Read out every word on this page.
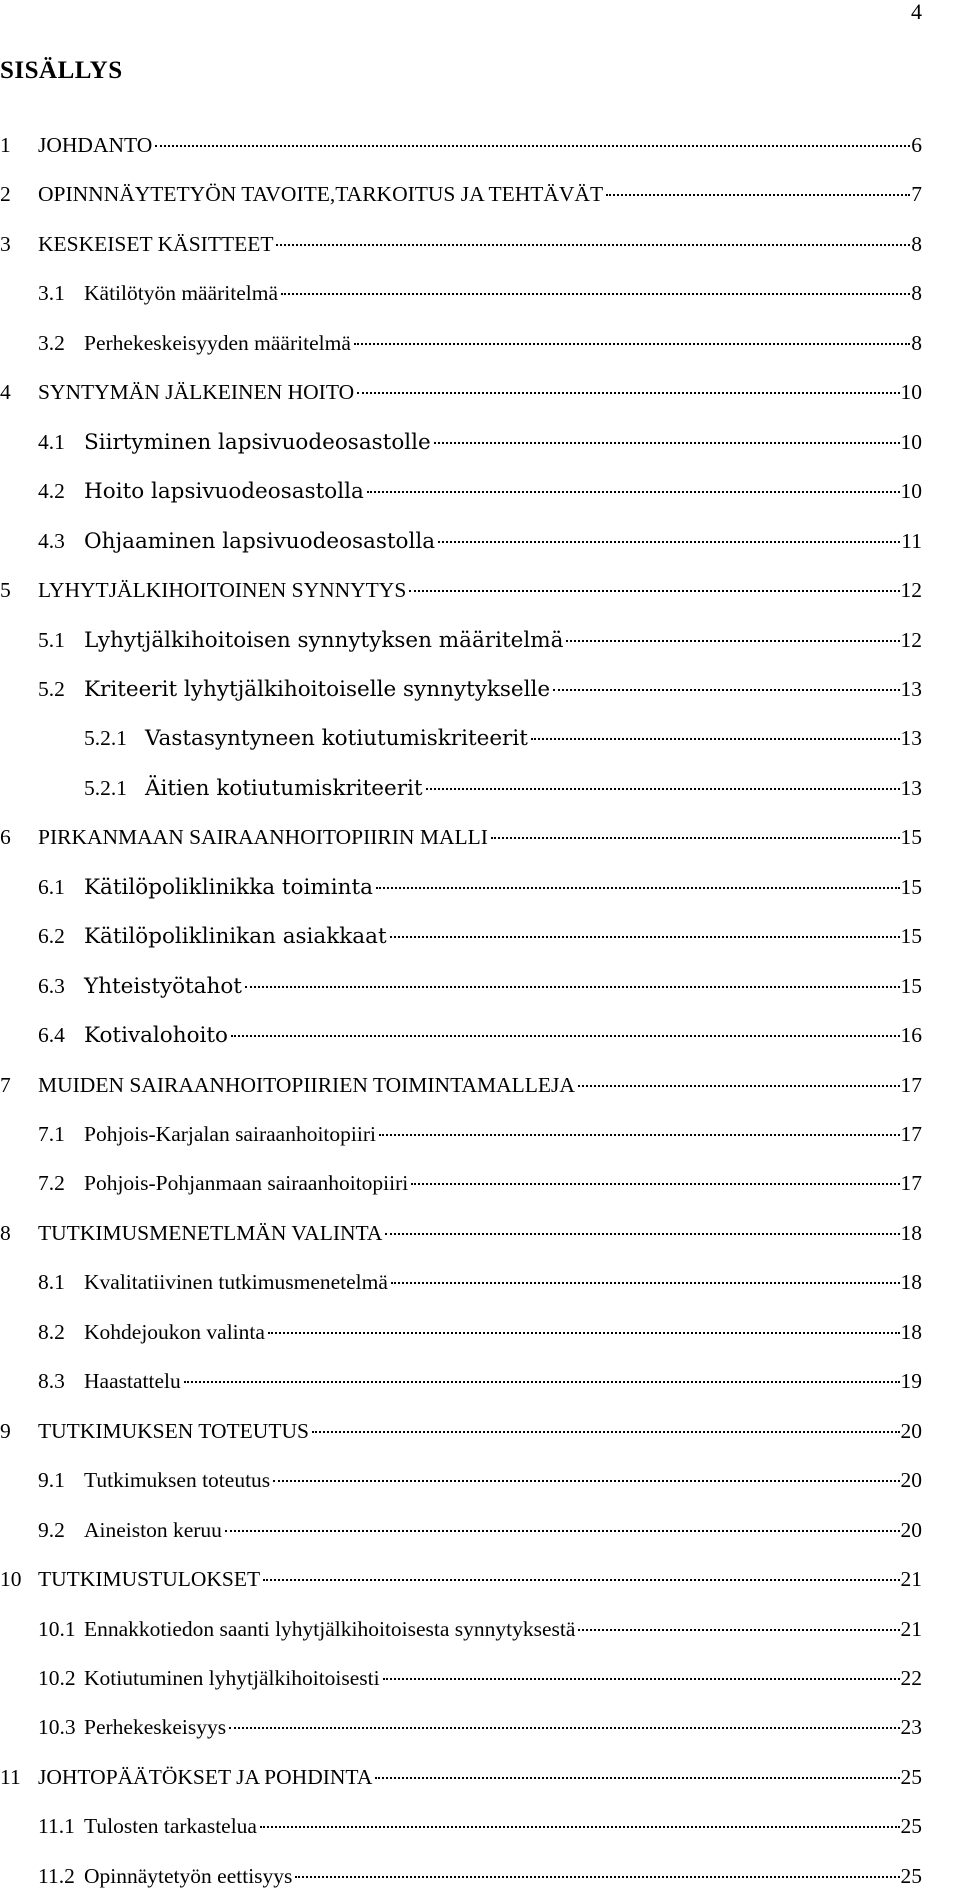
4
SISÄLLYS
1 JOHDANTO	6
2 OPINNNÄYTETYÖN TAVOITE,TARKOITUS JA TEHTÄVÄT	7
3 KESKEISET KÄSITTEET	8
3.1 Kätilötyön määritelmä	8
3.2 Perhekeskeisyyden määritelmä	8
4 SYNTYMÄN JÄLKEINEN HOITO	10
4.1 Siirtyminen lapsivuodeosastolle	10
4.2 Hoito lapsivuodeosastolla	10
4.3 Ohjaaminen lapsivuodeosastolla	11
5 LYHYTJÄLKIHOITOINEN SYNNYTYS	12
5.1 Lyhytjälkihoitoisen synnytyksen määritelmä	12
5.2 Kriteerit lyhytjälkihoitoiselle synnytykselle	13
5.2.1 Vastasyntyneen kotiutumiskriteerit	13
5.2.1 Äitien kotiutumiskriteerit	13
6 PIRKANMAAN SAIRAANHOITOPIIRIN MALLI	15
6.1 Kätilöpoliklinikka toiminta	15
6.2 Kätilöpoliklinikan asiakkaat	15
6.3 Yhteistyötahot	15
6.4 Kotivalohoito	16
7 MUIDEN SAIRAANHOITOPIIRIEN TOIMINTAMALLEJA	17
7.1 Pohjois-Karjalan sairaanhoitopiiri	17
7.2 Pohjois-Pohjanmaan sairaanhoitopiiri	17
8 TUTKIMUSMENETLMÄN VALINTA	18
8.1 Kvalitatiivinen tutkimusmenetelmä	18
8.2 Kohdejoukon valinta	18
8.3 Haastattelu	19
9 TUTKIMUKSEN TOTEUTUS	20
9.1 Tutkimuksen toteutus	20
9.2 Aineiston keruu	20
10 TUTKIMUSTULOKSET	21
10.1 Ennakkotiedon saanti lyhytjälkihoitoisesta synnytyksestä	21
10.2 Kotiutuminen lyhytjälkihoitoisesti	22
10.3 Perhekeskeisyys	23
11 JOHTOPÄÄTÖKSET JA POHDINTA	25
11.1 Tulosten tarkastelua	25
11.2 Opinnäytetyön eettisyys	25
